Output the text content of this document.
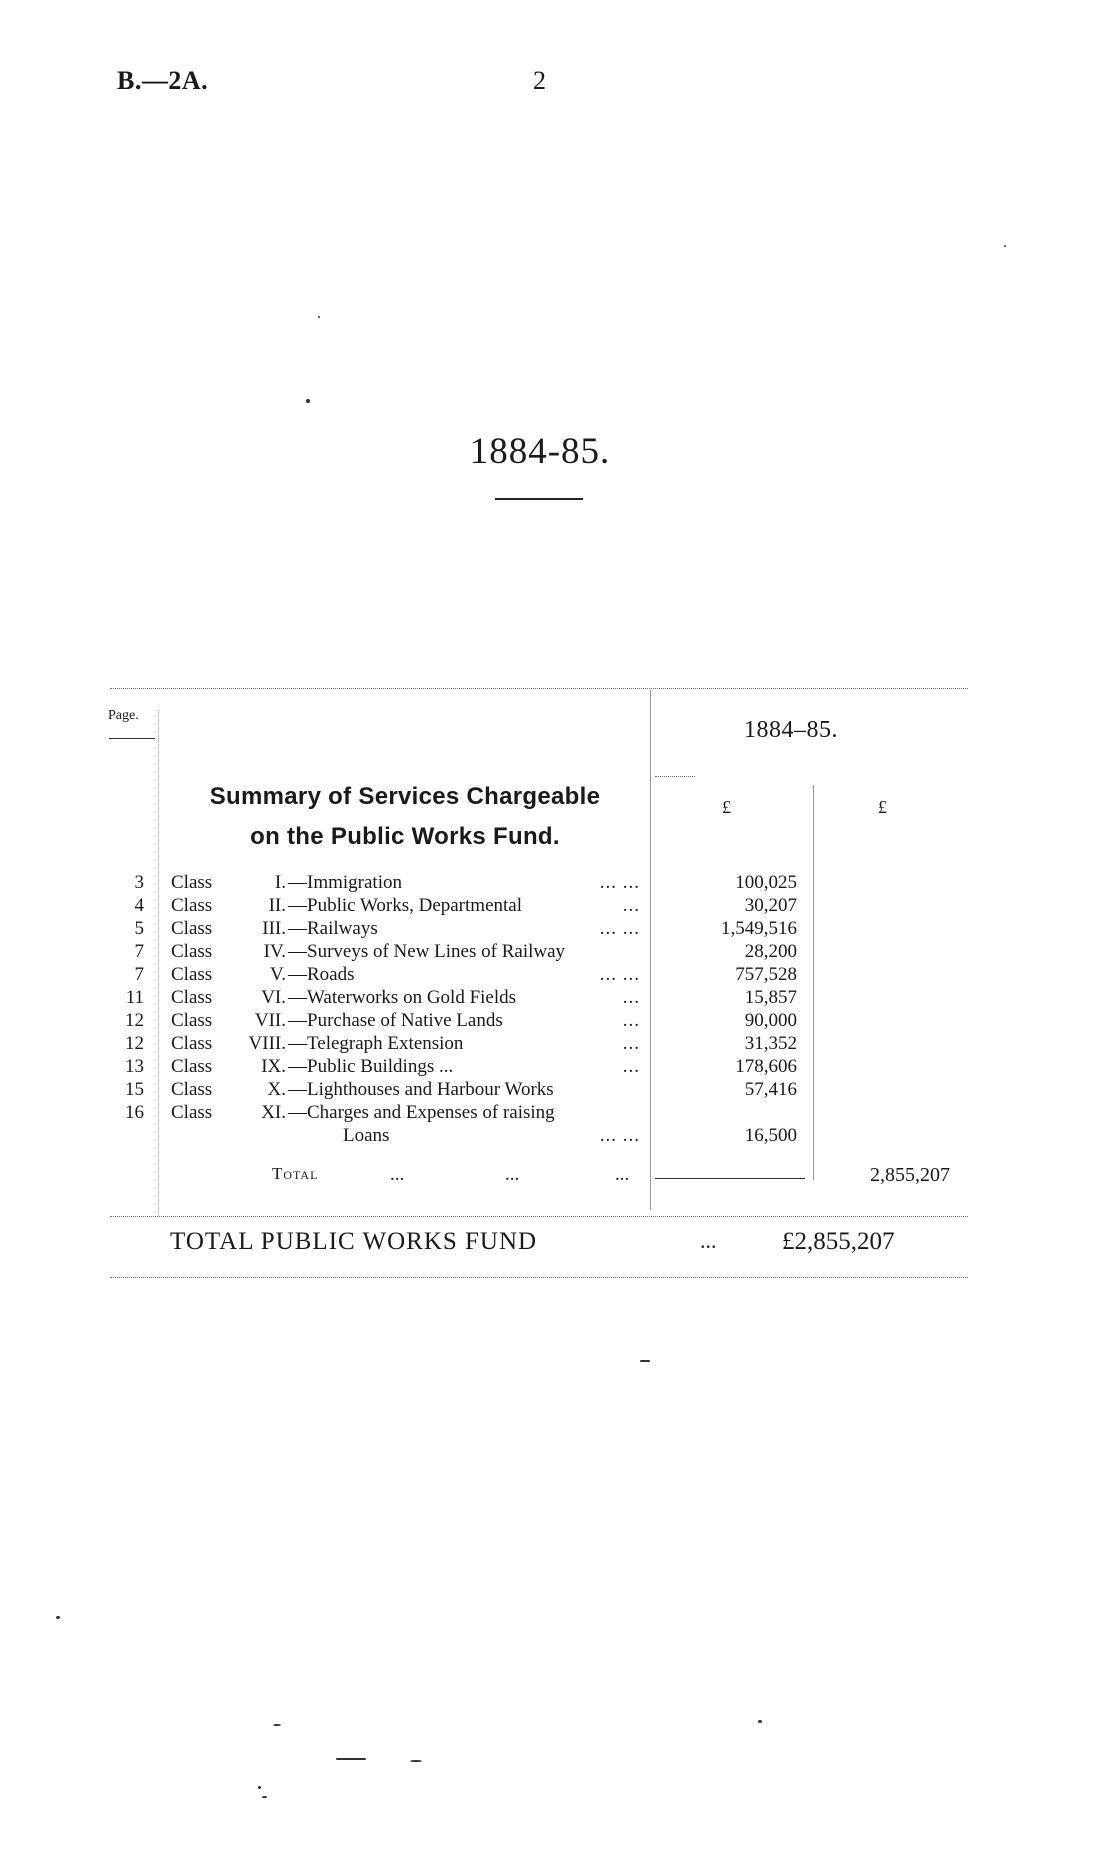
B.—2A.	2
1884-85.
Page.
1884–85.
Summary of Services Chargeable
on the Public Works Fund.
£	£
3 Class	I. —Immigration	... ...	100,025
4 Class	II. —Public Works, Departmental	...	30,207
5 Class	III. —Railways	... ...	1,549,516
7 Class	IV. —Surveys of New Lines of Railway	28,200
7 Class	V. —Roads	... ...	757,528
11 Class	VI. —Waterworks on Gold Fields	...	15,857
12 Class	VII. —Purchase of Native Lands	...	90,000
12 Class	VIII. —Telegraph Extension	...	31,352
13 Class	IX. —Public Buildings ...	...	178,606
15 Class	X. —Lighthouses and Harbour Works	57,416
16 Class	XI. —Charges and Expenses of raising
Loans	... ...	16,500
Total	...	...	...	2,855,207
TOTAL PUBLIC WORKS FUND	...	£2,855,207
